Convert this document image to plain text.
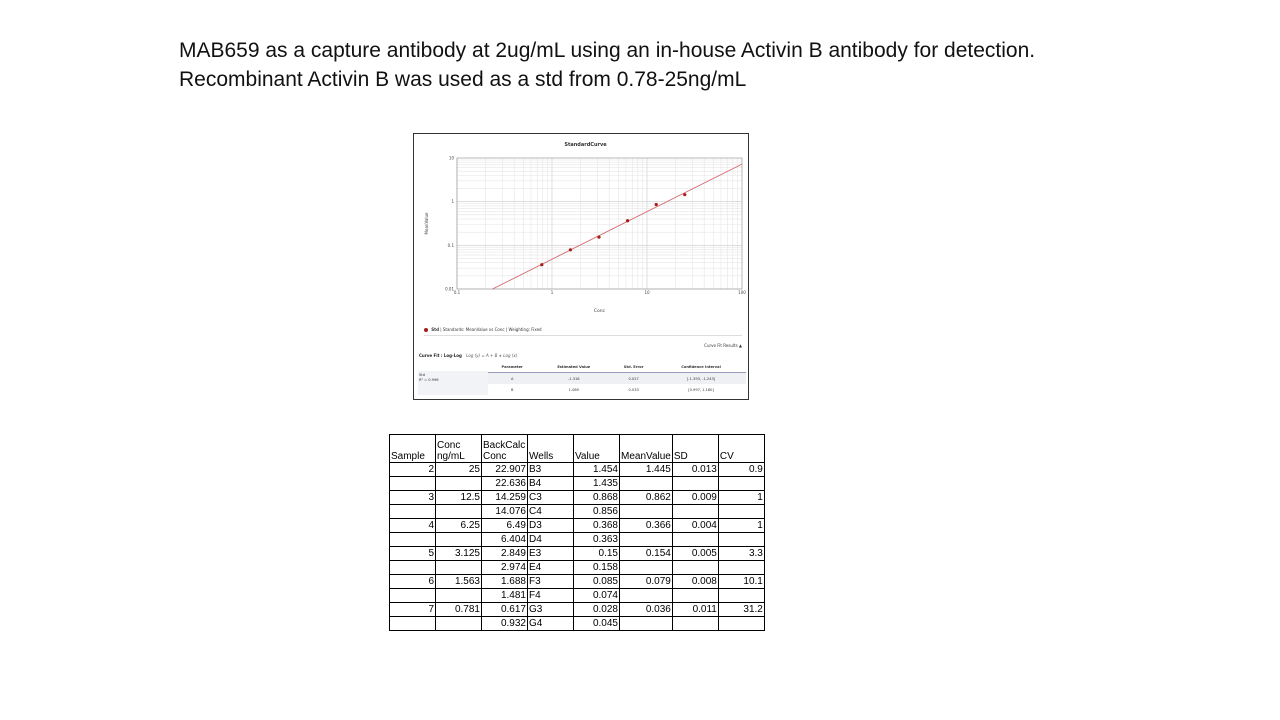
MAB659 as a capture antibody at 2ug/mL using an in-house Activin B antibody for detection.
Recombinant Activin B was used as a std from 0.78-25ng/mL
0.1	1	10	100
0.01
0.1
1
10
StandardCurve
Conc
MeanValue
Std | Standards: MeanValue vs Conc | Weighting: Fixed
Curve Fit Results ▲
Curve Fit : Log-Log Log (y) = A + B ∗ Log (x)
Std
R² = 0.996
Parameter	Estimated Value	Std. Error	Confidence Interval
A	-1.318	0.027	[-1.393, -1.243]
B	1.089	0.033	[0.997, 1.180]
Sample	Conc ng/mL	BackCalc Conc	Wells	Value	MeanValue	SD	CV
2	25	22.907	B3	1.454	1.445	0.013	0.9
		22.636	B4	1.435			
3	12.5	14.259	C3	0.868	0.862	0.009	1
		14.076	C4	0.856			
4	6.25	6.49	D3	0.368	0.366	0.004	1
		6.404	D4	0.363			
5	3.125	2.849	E3	0.15	0.154	0.005	3.3
		2.974	E4	0.158			
6	1.563	1.688	F3	0.085	0.079	0.008	10.1
		1.481	F4	0.074			
7	0.781	0.617	G3	0.028	0.036	0.011	31.2
		0.932	G4	0.045			
